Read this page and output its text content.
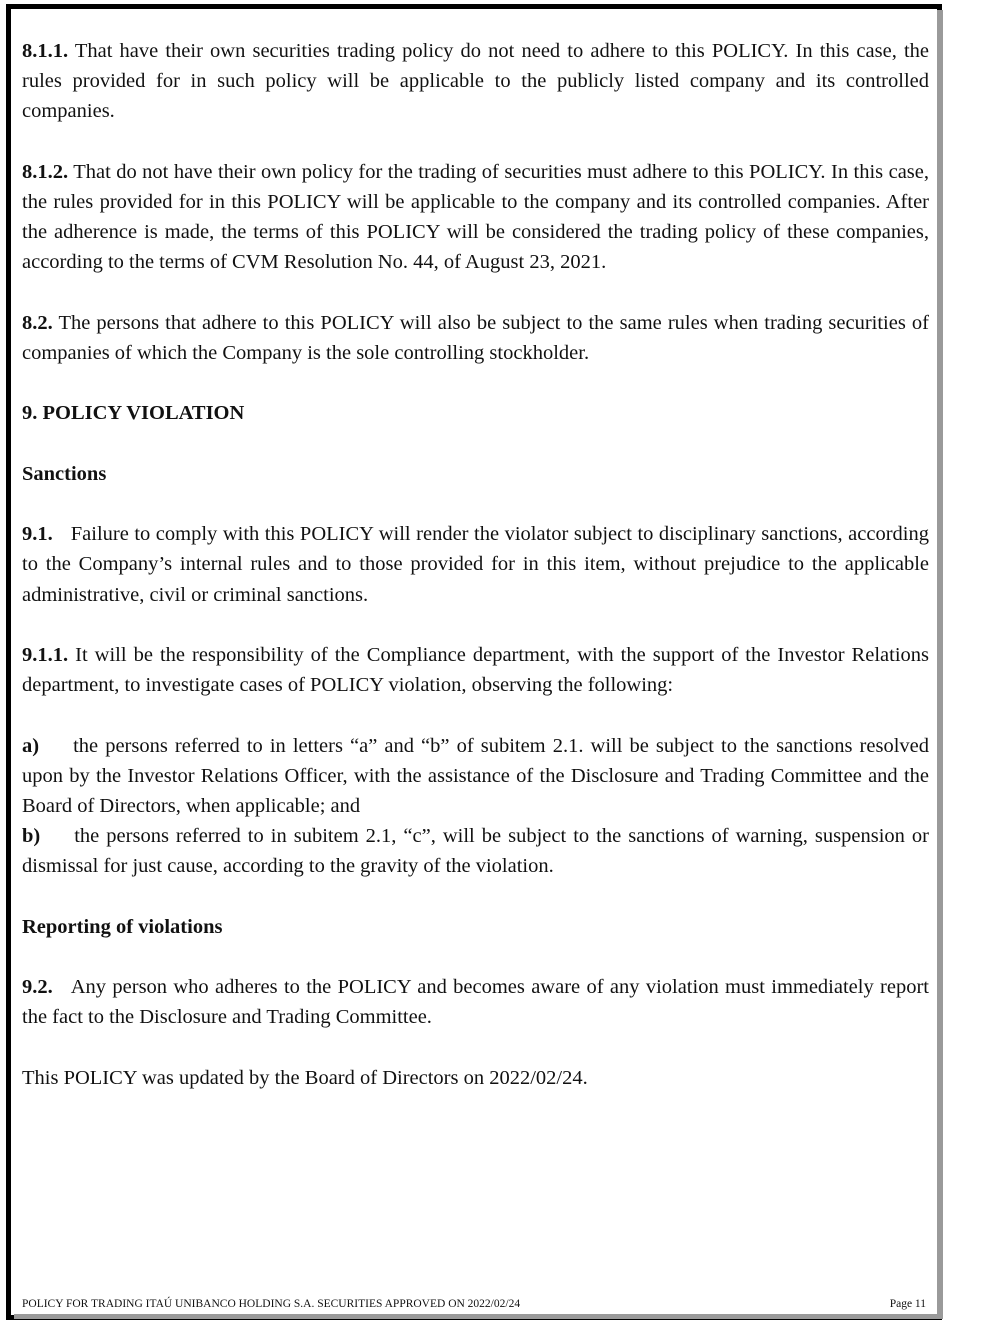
8.1.1. That have their own securities trading policy do not need to adhere to this POLICY. In this case, the rules provided for in such policy will be applicable to the publicly listed company and its controlled companies.

8.1.2. That do not have their own policy for the trading of securities must adhere to this POLICY. In this case, the rules provided for in this POLICY will be applicable to the company and its controlled companies. After the adherence is made, the terms of this POLICY will be considered the trading policy of these companies, according to the terms of CVM Resolution No. 44, of August 23, 2021.

8.2. The persons that adhere to this POLICY will also be subject to the same rules when trading securities of companies of which the Company is the sole controlling stockholder.

9. POLICY VIOLATION
Sanctions

9.1. Failure to comply with this POLICY will render the violator subject to disciplinary sanctions, according to the Company’s internal rules and to those provided for in this item, without prejudice to the applicable administrative, civil or criminal sanctions.

9.1.1. It will be the responsibility of the Compliance department, with the support of the Investor Relations department, to investigate cases of POLICY violation, observing the following:

a) the persons referred to in letters “a” and “b” of subitem 2.1. will be subject to the sanctions resolved upon by the Investor Relations Officer, with the assistance of the Disclosure and Trading Committee and the Board of Directors, when applicable; and

b) the persons referred to in subitem 2.1, “c”, will be subject to the sanctions of warning, suspension or dismissal for just cause, according to the gravity of the violation.

Reporting of violations

9.2. Any person who adheres to the POLICY and becomes aware of any violation must immediately report the fact to the Disclosure and Trading Committee.

This POLICY was updated by the Board of Directors on 2022/02/24.

POLICY FOR TRADING ITAÚ UNIBANCO HOLDING S.A. SECURITIES APPROVED ON 2022/02/24	Page 11
